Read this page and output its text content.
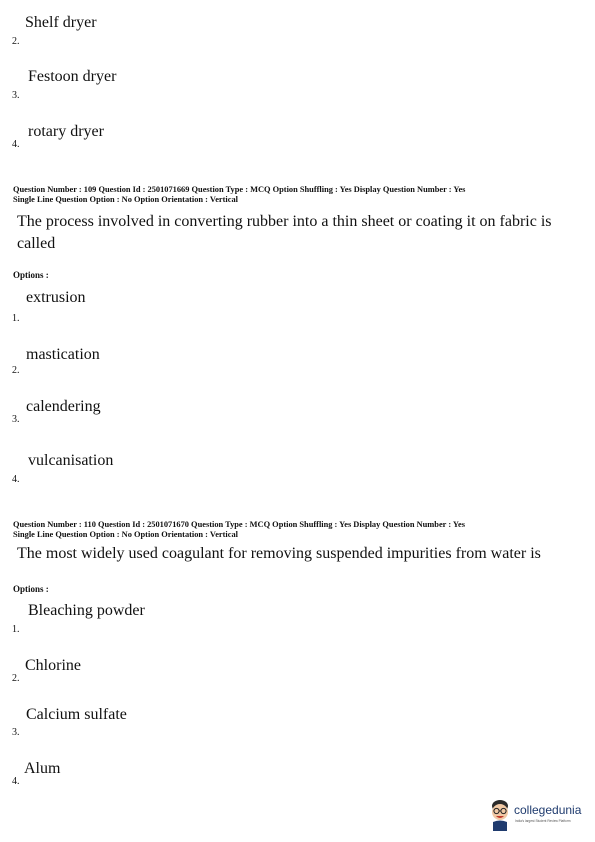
Shelf dryer
2.
Festoon dryer
3.
rotary dryer
4.
Question Number : 109 Question Id : 2501071669 Question Type : MCQ Option Shuffling : Yes Display Question Number : Yes
Single Line Question Option : No Option Orientation : Vertical
The process involved in converting rubber into a thin sheet or coating it on fabric is called
Options :
extrusion
1.
mastication
2.
calendering
3.
vulcanisation
4.
Question Number : 110 Question Id : 2501071670 Question Type : MCQ Option Shuffling : Yes Display Question Number : Yes
Single Line Question Option : No Option Orientation : Vertical
The most widely used coagulant for removing suspended impurities from water is
Options :
Bleaching powder
1.
Chlorine
2.
Calcium sulfate
3.
Alum
4.
collegedunia
India's largest Student Review Platform
